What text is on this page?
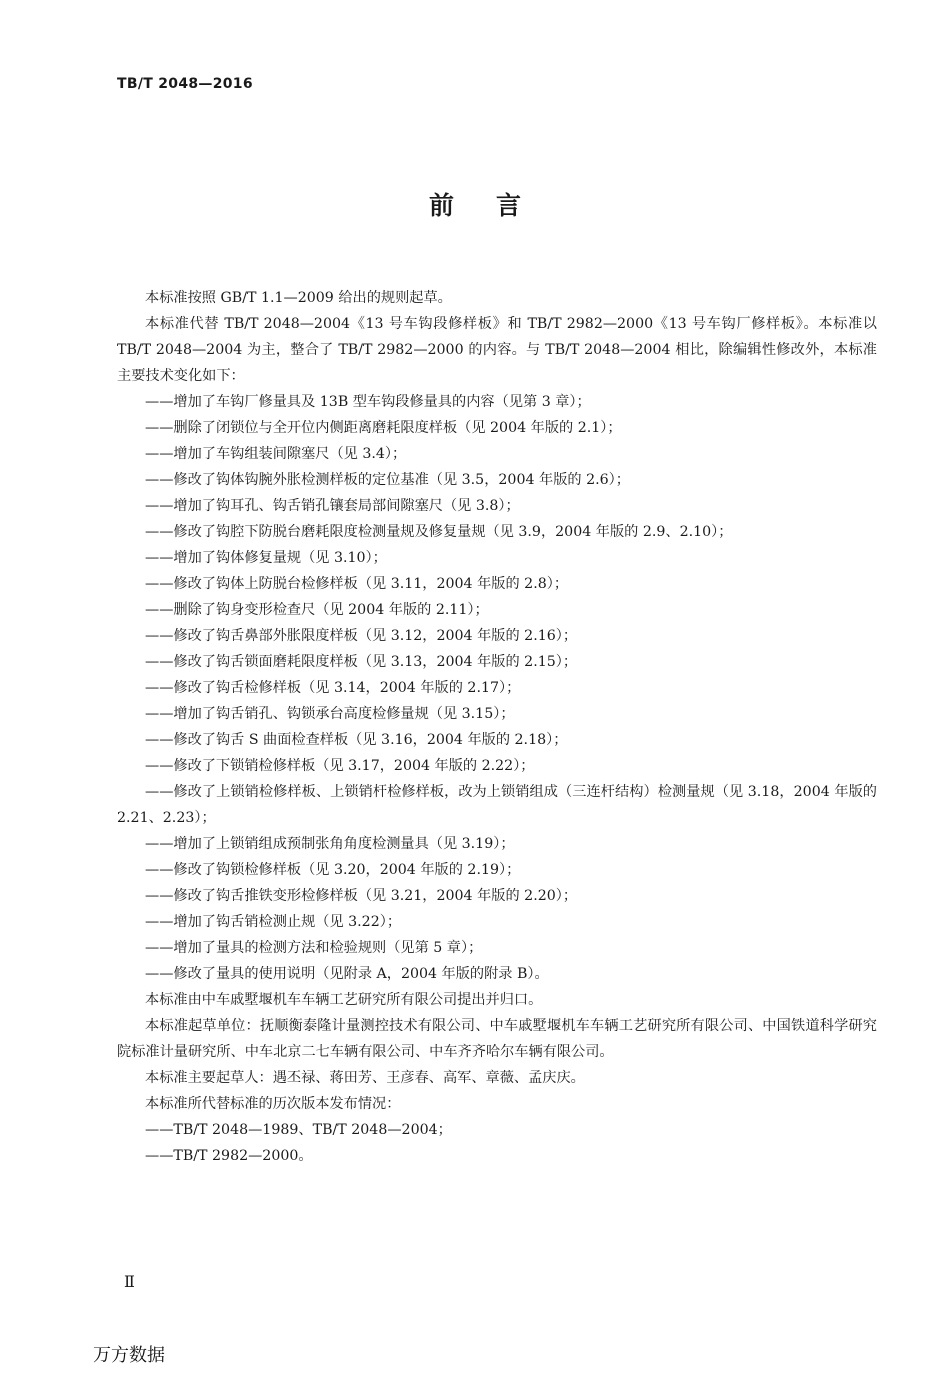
TB/T 2048—2016
前言

本标准按照 GB/T 1.1—2009 给出的规则起草。

本标准代替 TB/T 2048—2004《13 号车钩段修样板》和 TB/T 2982—2000《13 号车钩厂修样板》。本标准以 TB/T 2048—2004 为主，整合了 TB/T 2982—2000 的内容。与 TB/T 2048—2004 相比，除编辑性修改外，本标准主要技术变化如下：

——增加了车钩厂修量具及 13B 型车钩段修量具的内容（见第 3 章）；

——删除了闭锁位与全开位内侧距离磨耗限度样板（见 2004 年版的 2.1）；

——增加了车钩组装间隙塞尺（见 3.4）；

——修改了钩体钩腕外胀检测样板的定位基准（见 3.5，2004 年版的 2.6）；

——增加了钩耳孔、钩舌销孔镶套局部间隙塞尺（见 3.8）；

——修改了钩腔下防脱台磨耗限度检测量规及修复量规（见 3.9，2004 年版的 2.9、2.10）；

——增加了钩体修复量规（见 3.10）；

——修改了钩体上防脱台检修样板（见 3.11，2004 年版的 2.8）；

——删除了钩身变形检查尺（见 2004 年版的 2.11）；

——修改了钩舌鼻部外胀限度样板（见 3.12，2004 年版的 2.16）；

——修改了钩舌锁面磨耗限度样板（见 3.13，2004 年版的 2.15）；

——修改了钩舌检修样板（见 3.14，2004 年版的 2.17）；

——增加了钩舌销孔、钩锁承台高度检修量规（见 3.15）；

——修改了钩舌 S 曲面检查样板（见 3.16，2004 年版的 2.18）；

——修改了下锁销检修样板（见 3.17，2004 年版的 2.22）；

——修改了上锁销检修样板、上锁销杆检修样板，改为上锁销组成（三连杆结构）检测量规（见 3.18，2004 年版的 2.21、2.23）；

——增加了上锁销组成预制张角角度检测量具（见 3.19）；

——修改了钩锁检修样板（见 3.20，2004 年版的 2.19）；

——修改了钩舌推铁变形检修样板（见 3.21，2004 年版的 2.20）；

——增加了钩舌销检测止规（见 3.22）；

——增加了量具的检测方法和检验规则（见第 5 章）；

——修改了量具的使用说明（见附录 A，2004 年版的附录 B）。

本标准由中车戚墅堰机车车辆工艺研究所有限公司提出并归口。

本标准起草单位：抚顺衡泰隆计量测控技术有限公司、中车戚墅堰机车车辆工艺研究所有限公司、中国铁道科学研究院标准计量研究所、中车北京二七车辆有限公司、中车齐齐哈尔车辆有限公司。

本标准主要起草人：遇丕禄、蒋田芳、王彦春、高军、章薇、孟庆庆。

本标准所代替标准的历次版本发布情况：

——TB/T 2048—1989、TB/T 2048—2004；

——TB/T 2982—2000。

Ⅱ
万方数据
